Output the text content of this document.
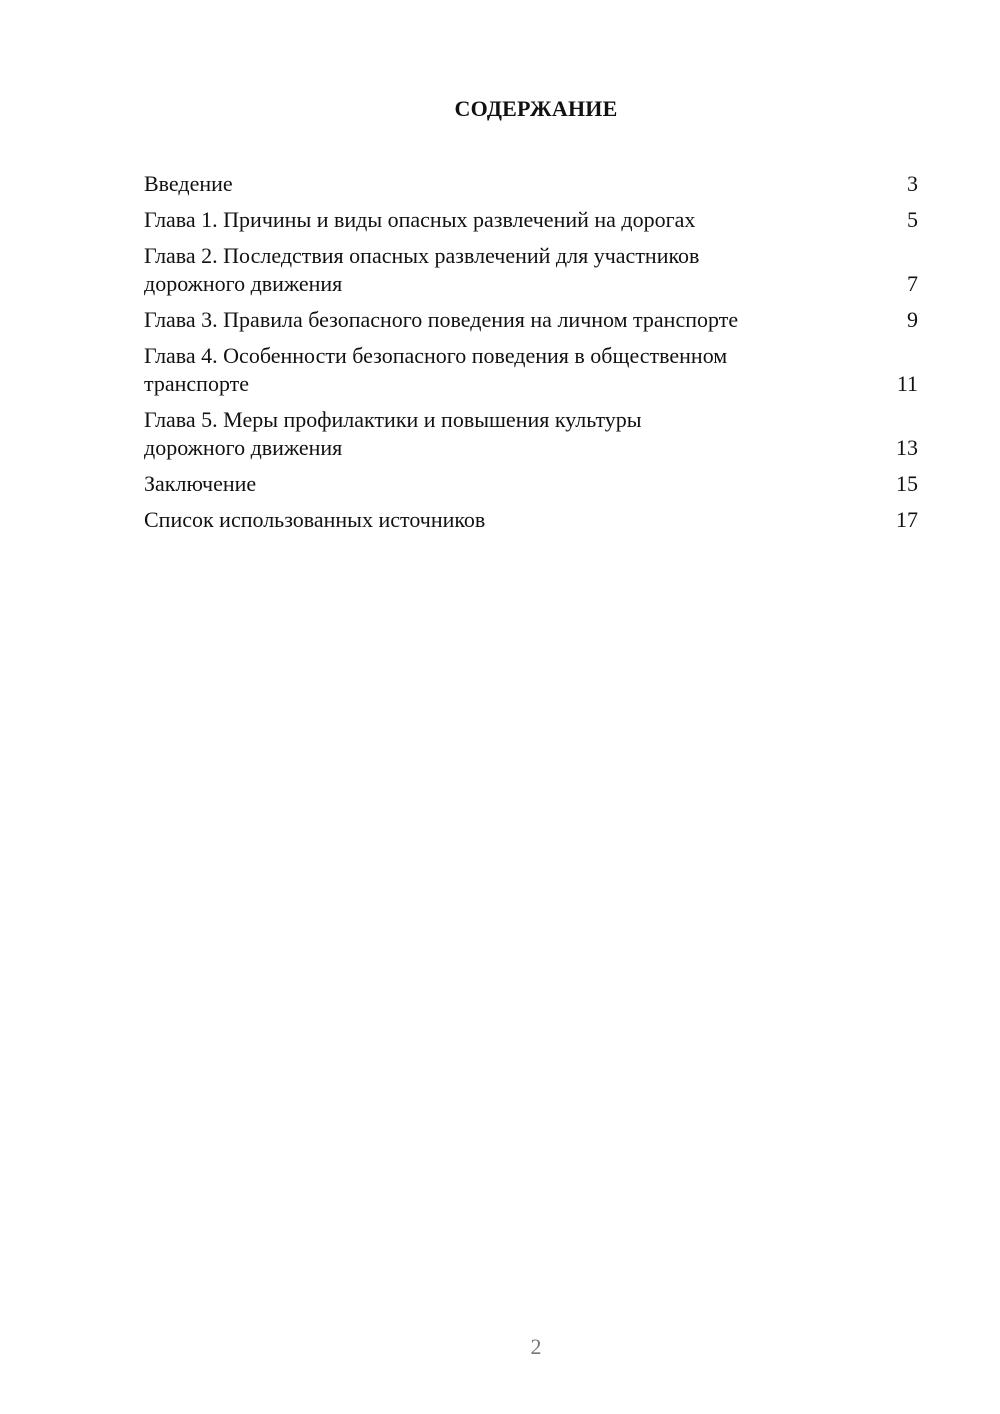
СОДЕРЖАНИЕ
Введение	3
Глава 1. Причины и виды опасных развлечений на дорогах	5
Глава 2. Последствия опасных развлечений для участников
дорожного движения	7
Глава 3. Правила безопасного поведения на личном транспорте	9
Глава 4. Особенности безопасного поведения в общественном
транспорте	11
Глава 5. Меры профилактики и повышения культуры
дорожного движения	13
Заключение	15
Список использованных источников	17
2
